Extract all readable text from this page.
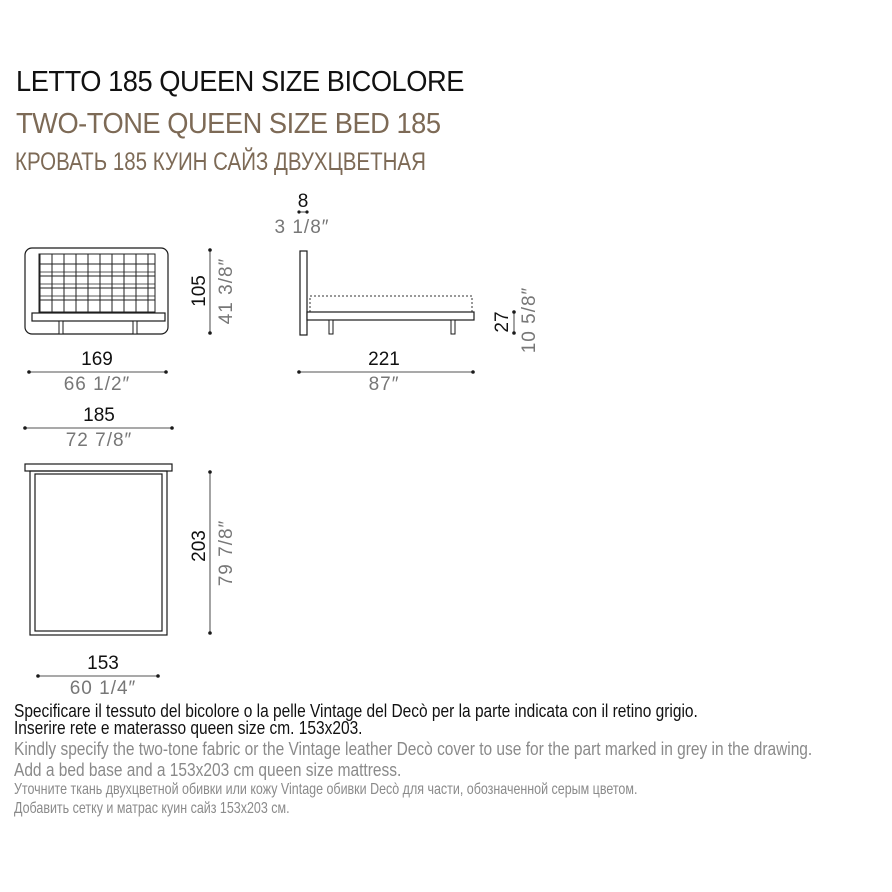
LETTO 185 QUEEN SIZE BICOLORE
TWO-TONE QUEEN SIZE BED 185
КРОВАТЬ 185 КУИН САЙЗ ДВУХЦВЕТНАЯ
105 41 3/8″
169
66 1/2″
8
3 1/8″
27 10 5/8″
221
87″
185
72 7/8″
203 79 7/8″
153
60 1/4″
Specificare il tessuto del bicolore o la pelle Vintage del Decò per la parte indicata con il retino grigio.
Inserire rete e materasso queen size cm. 153x203.
Kindly specify the two-tone fabric or the Vintage leather Decò cover to use for the part marked in grey in the drawing.
Add a bed base and a 153x203 cm queen size mattress.
Уточните ткань двухцветной обивки или кожу Vintage обивки Decò для части, обозначенной серым цветом.
Добавить сетку и матрас куин сайз 153x203 см.
